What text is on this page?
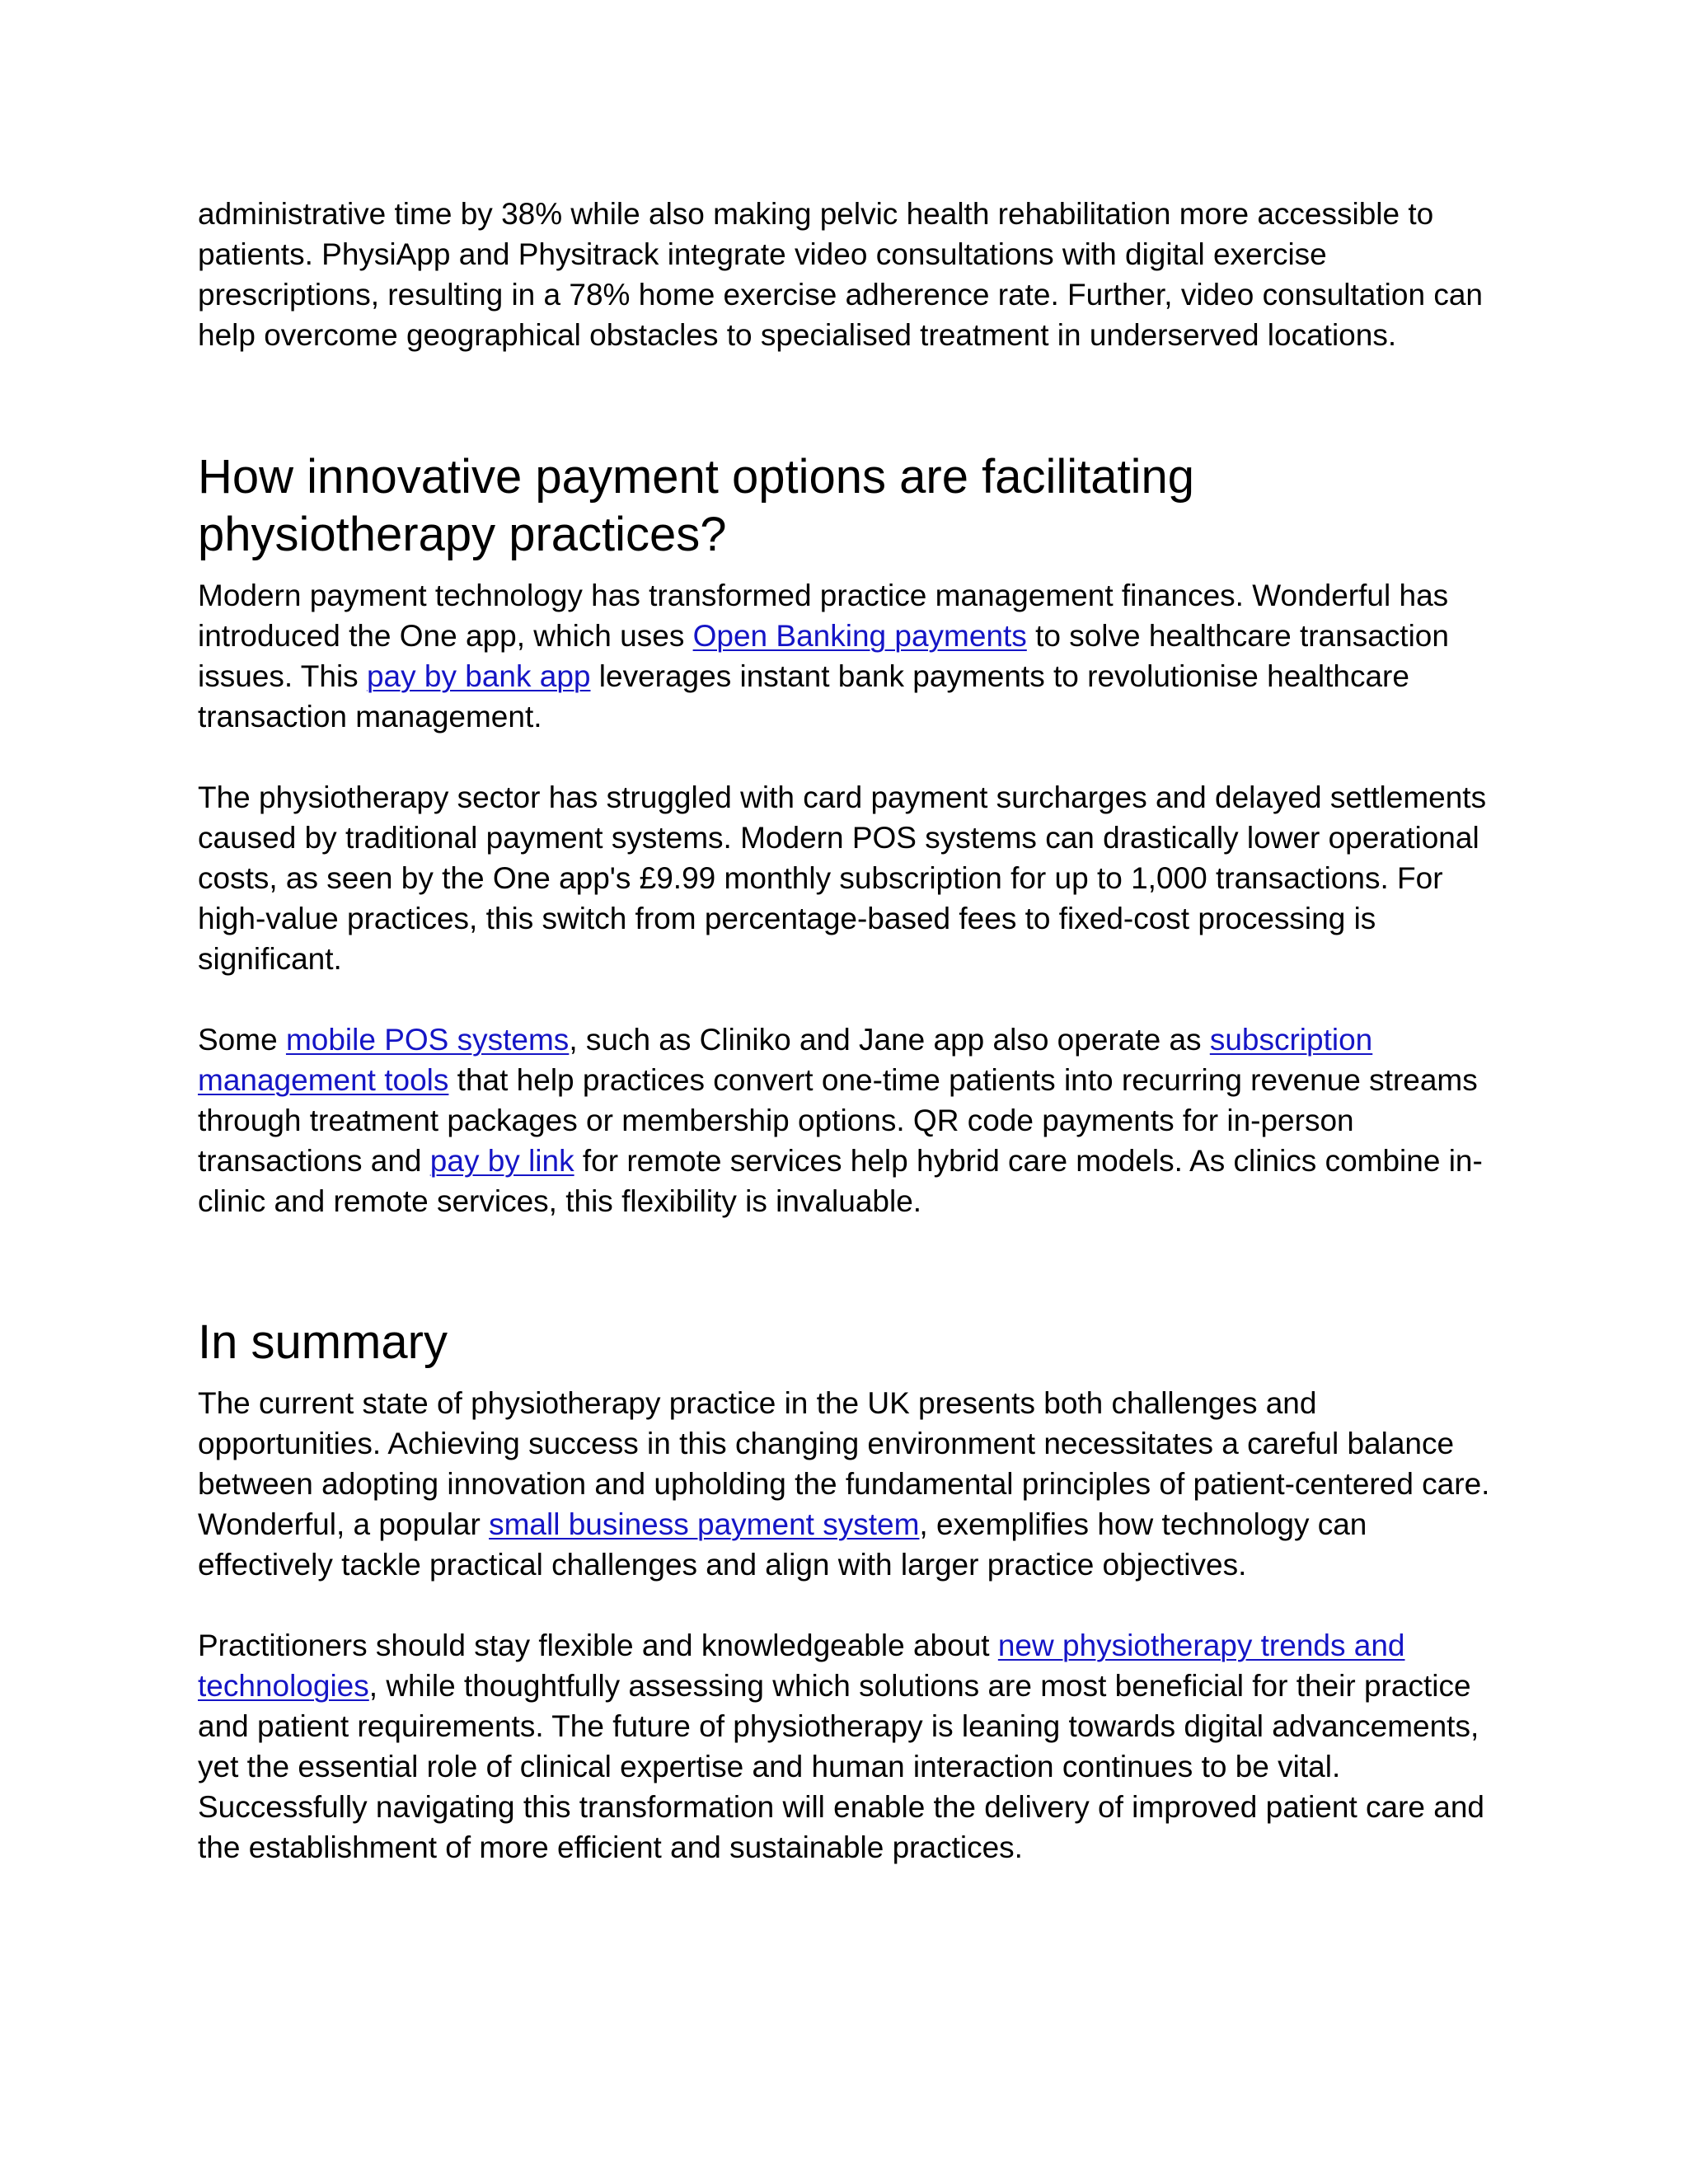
administrative time by 38% while also making pelvic health rehabilitation more accessible to patients. PhysiApp and Physitrack integrate video consultations with digital exercise prescriptions, resulting in a 78% home exercise adherence rate. Further, video consultation can help overcome geographical obstacles to specialised treatment in underserved locations.

How innovative payment options are facilitating physiotherapy practices?

Modern payment technology has transformed practice management finances. Wonderful has introduced the One app, which uses Open Banking payments to solve healthcare transaction issues. This pay by bank app leverages instant bank payments to revolutionise healthcare transaction management.

The physiotherapy sector has struggled with card payment surcharges and delayed settlements caused by traditional payment systems. Modern POS systems can drastically lower operational costs, as seen by the One app's £9.99 monthly subscription for up to 1,000 transactions. For high-value practices, this switch from percentage-based fees to fixed-cost processing is significant.

Some mobile POS systems, such as Cliniko and Jane app also operate as subscription management tools that help practices convert one-time patients into recurring revenue streams through treatment packages or membership options. QR code payments for in-person transactions and pay by link for remote services help hybrid care models. As clinics combine in-clinic and remote services, this flexibility is invaluable.

In summary

The current state of physiotherapy practice in the UK presents both challenges and opportunities. Achieving success in this changing environment necessitates a careful balance between adopting innovation and upholding the fundamental principles of patient-centered care. Wonderful, a popular small business payment system, exemplifies how technology can effectively tackle practical challenges and align with larger practice objectives.

Practitioners should stay flexible and knowledgeable about new physiotherapy trends and technologies, while thoughtfully assessing which solutions are most beneficial for their practice and patient requirements. The future of physiotherapy is leaning towards digital advancements, yet the essential role of clinical expertise and human interaction continues to be vital. Successfully navigating this transformation will enable the delivery of improved patient care and the establishment of more efficient and sustainable practices.
